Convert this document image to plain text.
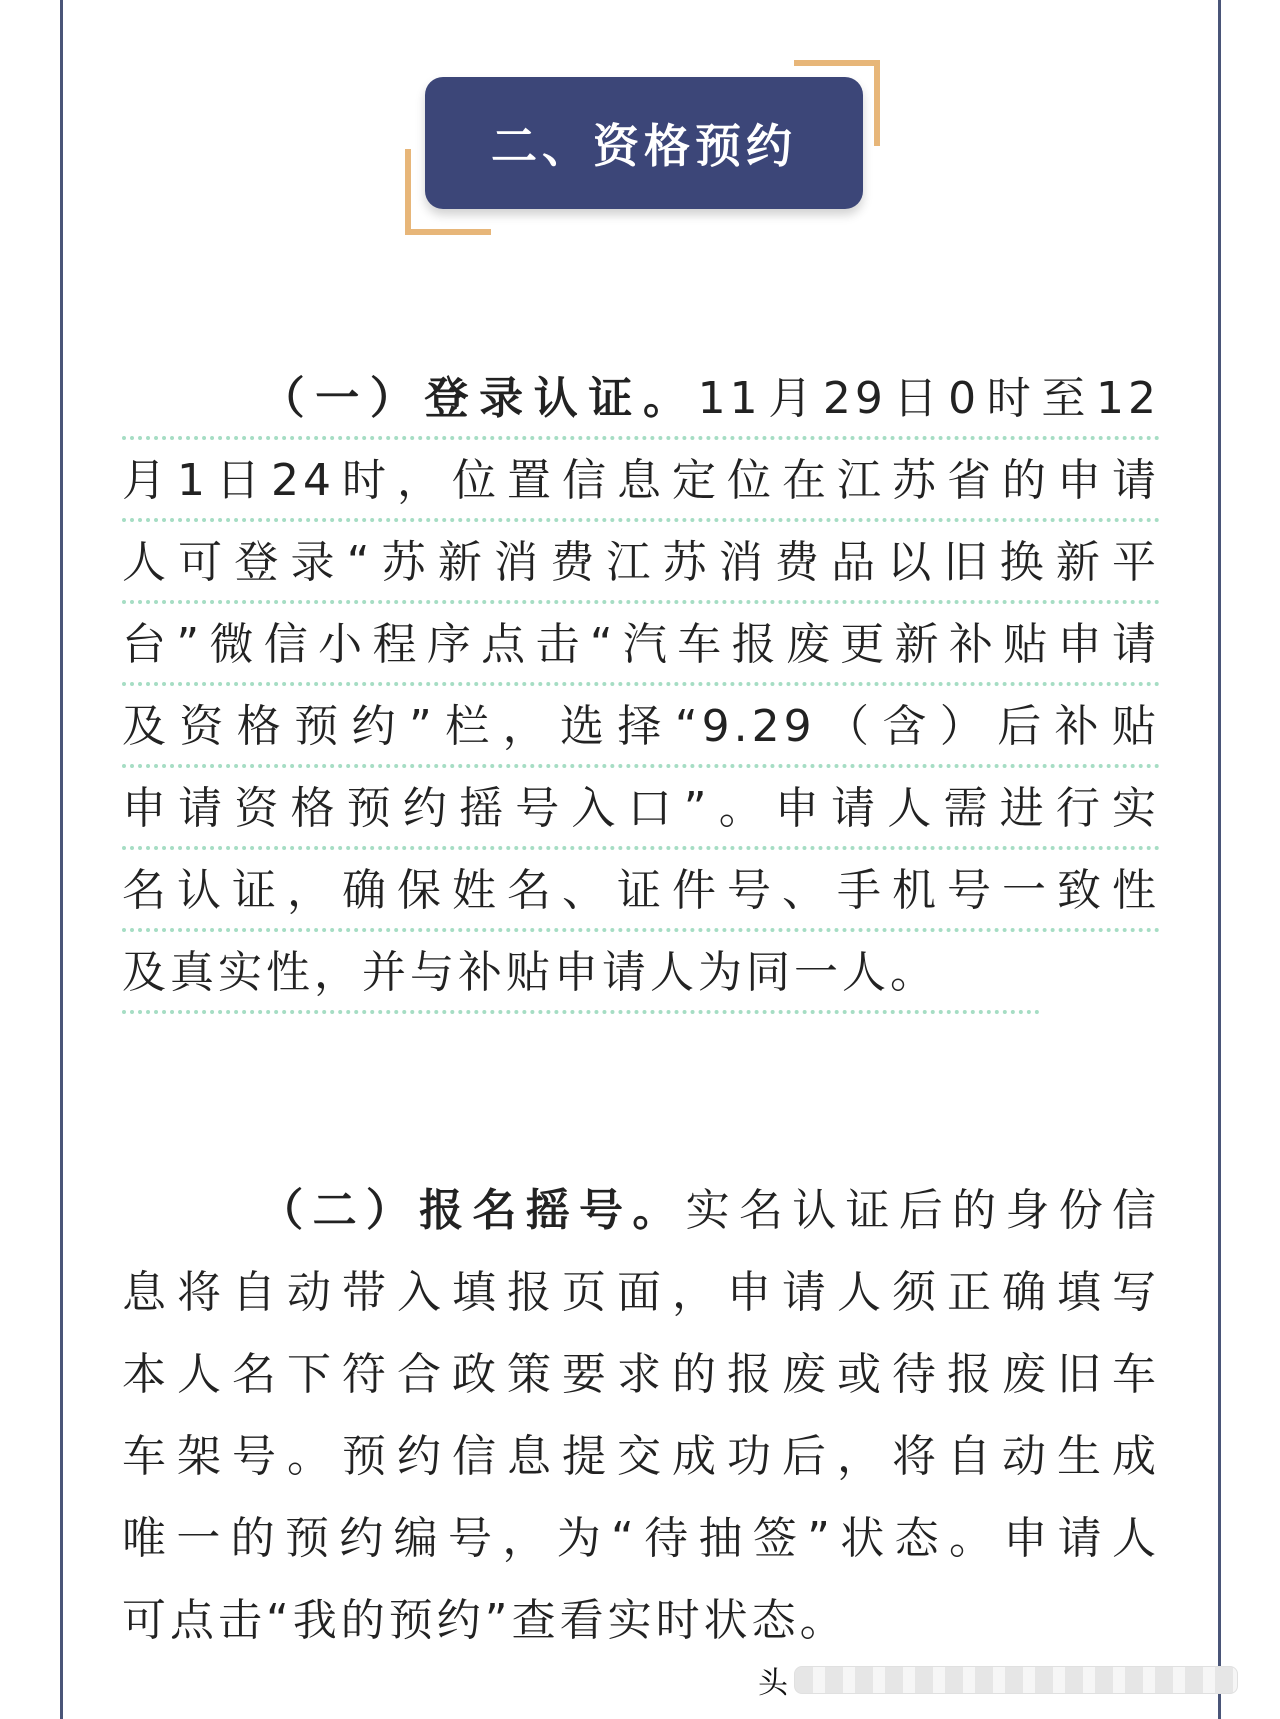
二、资格预约
（一）登录认证。11月29日0时至12
月1日24时，位置信息定位在江苏省的申请
人可登录“苏新消费江苏消费品以旧换新平
台”微信小程序点击“汽车报废更新补贴申请
及资格预约”栏，选择“9.29（含）后补贴
申请资格预约摇号入口”。申请人需进行实
名认证，确保姓名、证件号、手机号一致性
及真实性，并与补贴申请人为同一人。
（二）报名摇号。实名认证后的身份信
息将自动带入填报页面，申请人须正确填写
本人名下符合政策要求的报废或待报废旧车
车架号。预约信息提交成功后，将自动生成
唯一的预约编号，为“待抽签”状态。申请人
可点击“我的预约”查看实时状态。
头
